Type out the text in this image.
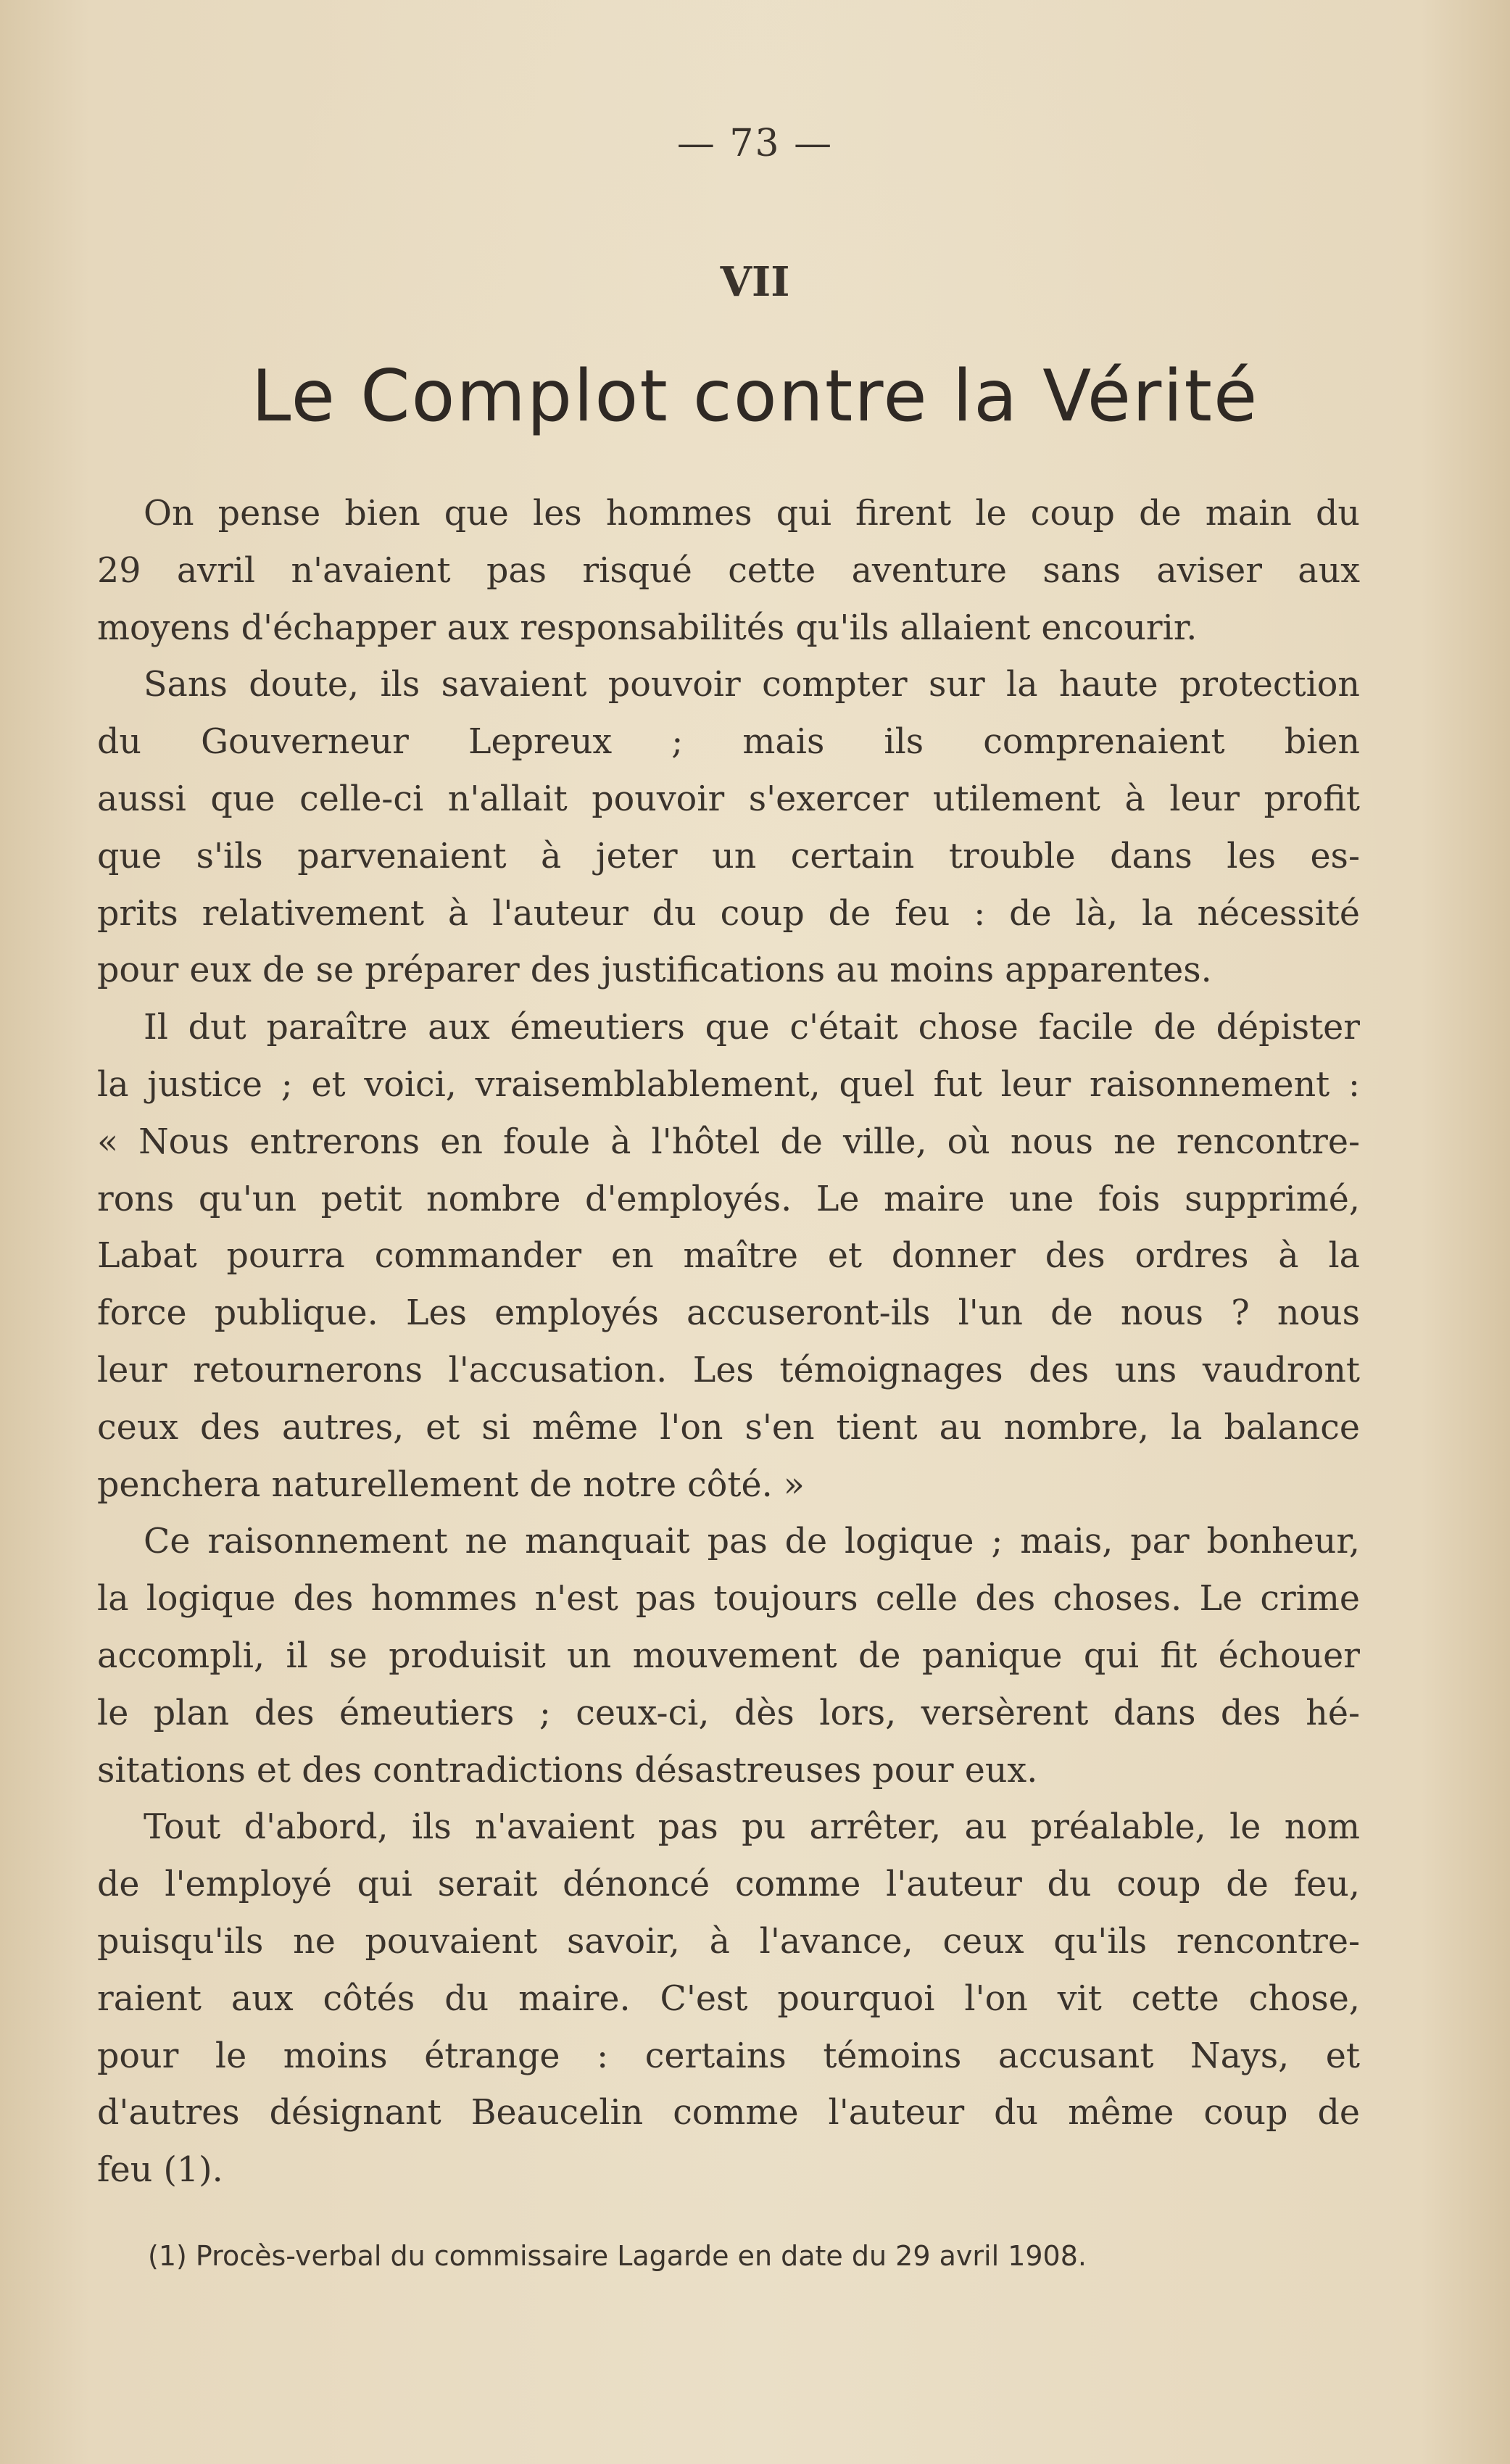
— 73 —
VII
Le Complot contre la Vérité

On pense bien que les hommes qui firent le coup de main du

29 avril n'avaient pas risqué cette aventure sans aviser aux

moyens d'échapper aux responsabilités qu'ils allaient encourir.

Sans doute, ils savaient pouvoir compter sur la haute protection

du Gouverneur Lepreux ; mais ils comprenaient bien

aussi que celle-ci n'allait pouvoir s'exercer utilement à leur profit

que s'ils parvenaient à jeter un certain trouble dans les es-

prits relativement à l'auteur du coup de feu : de là, la nécessité

pour eux de se préparer des justifications au moins apparentes.

Il dut paraître aux émeutiers que c'était chose facile de dépister

la justice ; et voici, vraisemblablement, quel fut leur raisonnement :

« Nous entrerons en foule à l'hôtel de ville, où nous ne rencontre-

rons qu'un petit nombre d'employés. Le maire une fois supprimé,

Labat pourra commander en maître et donner des ordres à la

force publique. Les employés accuseront-ils l'un de nous ? nous

leur retournerons l'accusation. Les témoignages des uns vaudront

ceux des autres, et si même l'on s'en tient au nombre, la balance

penchera naturellement de notre côté. »

Ce raisonnement ne manquait pas de logique ; mais, par bonheur,

la logique des hommes n'est pas toujours celle des choses. Le crime

accompli, il se produisit un mouvement de panique qui fit échouer

le plan des émeutiers ; ceux-ci, dès lors, versèrent dans des hé-

sitations et des contradictions désastreuses pour eux.

Tout d'abord, ils n'avaient pas pu arrêter, au préalable, le nom

de l'employé qui serait dénoncé comme l'auteur du coup de feu,

puisqu'ils ne pouvaient savoir, à l'avance, ceux qu'ils rencontre-

raient aux côtés du maire. C'est pourquoi l'on vit cette chose,

pour le moins étrange : certains témoins accusant Nays, et

d'autres désignant Beaucelin comme l'auteur du même coup de

feu (1).

(1) Procès-verbal du commissaire Lagarde en date du 29 avril 1908.
